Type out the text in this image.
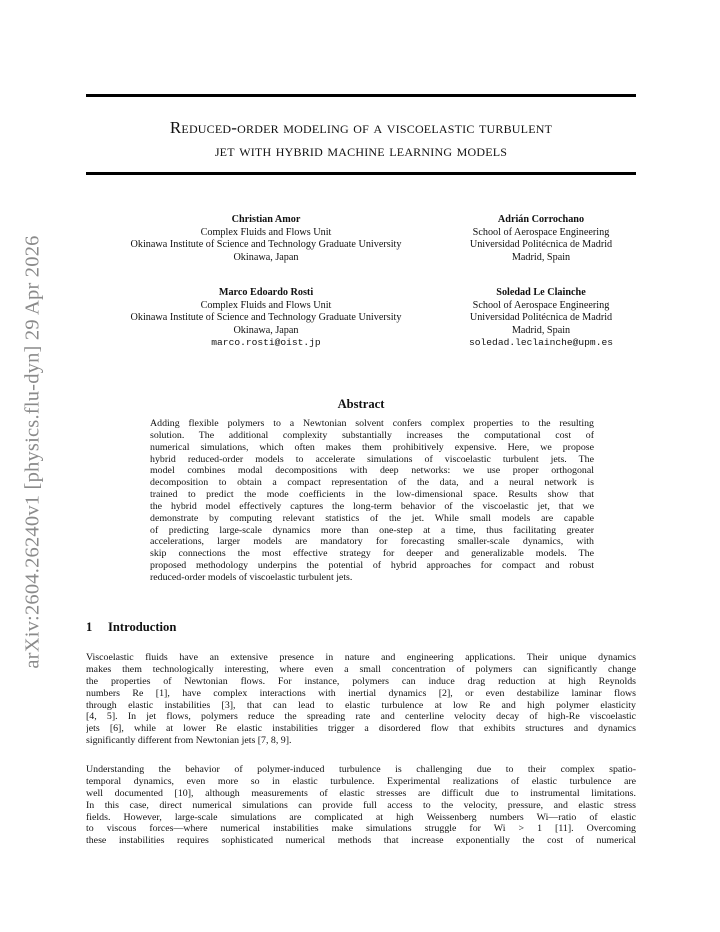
arXiv:2604.26240v1 [physics.flu-dyn] 29 Apr 2026
Reduced-order modeling of a viscoelastic turbulent
jet with hybrid machine learning models
Christian Amor
Complex Fluids and Flows Unit
Okinawa Institute of Science and Technology Graduate University
Okinawa, Japan
Adrián Corrochano
School of Aerospace Engineering
Universidad Politécnica de Madrid
Madrid, Spain
Marco Edoardo Rosti
Complex Fluids and Flows Unit
Okinawa Institute of Science and Technology Graduate University
Okinawa, Japan
marco.rosti@oist.jp
Soledad Le Clainche
School of Aerospace Engineering
Universidad Politécnica de Madrid
Madrid, Spain
soledad.leclainche@upm.es
Abstract
Adding flexible polymers to a Newtonian solvent confers complex properties to the resulting
solution. The additional complexity substantially increases the computational cost of
numerical simulations, which often makes them prohibitively expensive. Here, we propose
hybrid reduced-order models to accelerate simulations of viscoelastic turbulent jets. The
model combines modal decompositions with deep networks: we use proper orthogonal
decomposition to obtain a compact representation of the data, and a neural network is
trained to predict the mode coefficients in the low-dimensional space. Results show that
the hybrid model effectively captures the long-term behavior of the viscoelastic jet, that we
demonstrate by computing relevant statistics of the jet. While small models are capable
of predicting large-scale dynamics more than one-step at a time, thus facilitating greater
accelerations, larger models are mandatory for forecasting smaller-scale dynamics, with
skip connections the most effective strategy for deeper and generalizable models. The
proposed methodology underpins the potential of hybrid approaches for compact and robust
reduced-order models of viscoelastic turbulent jets.
1 Introduction
Viscoelastic fluids have an extensive presence in nature and engineering applications. Their unique dynamics
makes them technologically interesting, where even a small concentration of polymers can significantly change
the properties of Newtonian flows. For instance, polymers can induce drag reduction at high Reynolds
numbers Re [1], have complex interactions with inertial dynamics [2], or even destabilize laminar flows
through elastic instabilities [3], that can lead to elastic turbulence at low Re and high polymer elasticity
[4, 5]. In jet flows, polymers reduce the spreading rate and centerline velocity decay of high-Re viscoelastic
jets [6], while at lower Re elastic instabilities trigger a disordered flow that exhibits structures and dynamics
significantly different from Newtonian jets [7, 8, 9].
Understanding the behavior of polymer-induced turbulence is challenging due to their complex spatio-
temporal dynamics, even more so in elastic turbulence. Experimental realizations of elastic turbulence are
well documented [10], although measurements of elastic stresses are difficult due to instrumental limitations.
In this case, direct numerical simulations can provide full access to the velocity, pressure, and elastic stress
fields. However, large-scale simulations are complicated at high Weissenberg numbers Wi—ratio of elastic
to viscous forces—where numerical instabilities make simulations struggle for Wi > 1 [11]. Overcoming
these instabilities requires sophisticated numerical methods that increase exponentially the cost of numerical
